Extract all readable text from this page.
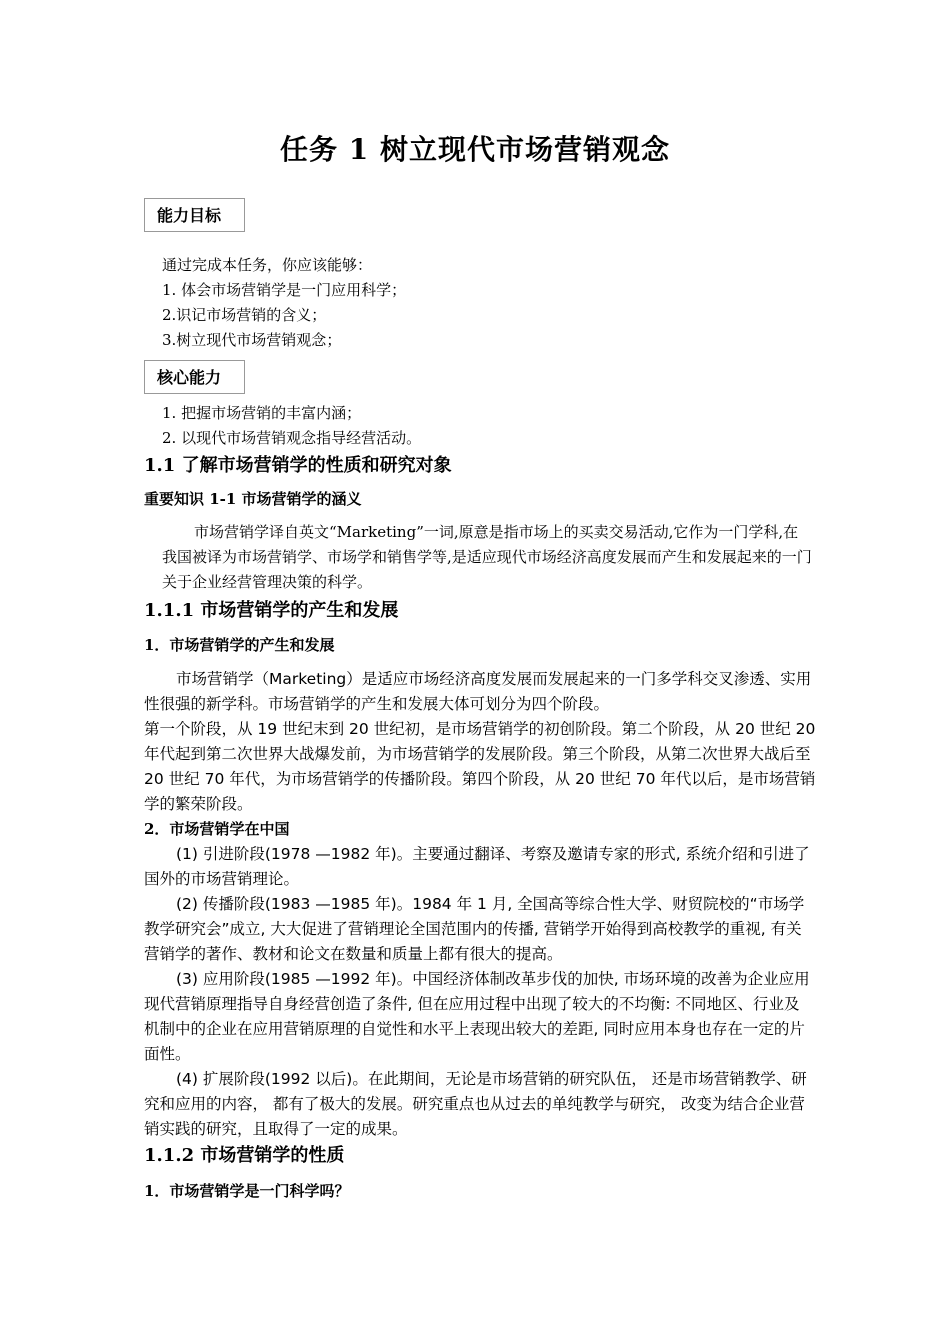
任务 1 树立现代市场营销观念
能力目标
通过完成本任务，你应该能够：
1. 体会市场营销学是一门应用科学；
2.识记市场营销的含义；
3.树立现代市场营销观念；
核心能力
1. 把握市场营销的丰富内涵；
2. 以现代市场营销观念指导经营活动。
1.1 了解市场营销学的性质和研究对象
重要知识 1-1 市场营销学的涵义

市场营销学译自英文“Marketing”一词,原意是指市场上的买卖交易活动,它作为一门学科,在我国被译为市场营销学、市场学和销售学等,是适应现代市场经济高度发展而产生和发展起来的一门关于企业经营管理决策的科学。

1.1.1 市场营销学的产生和发展
1．市场营销学的产生和发展

市场营销学（Marketing）是适应市场经济高度发展而发展起来的一门多学科交叉渗透、实用性很强的新学科。市场营销学的产生和发展大体可划分为四个阶段。

第一个阶段，从 19 世纪末到 20 世纪初，是市场营销学的初创阶段。第二个阶段，从 20 世纪 20 年代起到第二次世界大战爆发前，为市场营销学的发展阶段。第三个阶段，从第二次世界大战后至 20 世纪 70 年代，为市场营销学的传播阶段。第四个阶段，从 20 世纪 70 年代以后，是市场营销学的繁荣阶段。

2．市场营销学在中国

(1) 引进阶段(1978 —1982 年)。主要通过翻译、考察及邀请专家的形式, 系统介绍和引进了国外的市场营销理论。

(2) 传播阶段(1983 —1985 年)。1984 年 1 月, 全国高等综合性大学、财贸院校的“市场学教学研究会”成立, 大大促进了营销理论全国范围内的传播, 营销学开始得到高校教学的重视, 有关营销学的著作、教材和论文在数量和质量上都有很大的提高。

(3) 应用阶段(1985 —1992 年)。中国经济体制改革步伐的加快, 市场环境的改善为企业应用现代营销原理指导自身经营创造了条件, 但在应用过程中出现了较大的不均衡: 不同地区、行业及机制中的企业在应用营销原理的自觉性和水平上表现出较大的差距, 同时应用本身也存在一定的片面性。

(4) 扩展阶段(1992 以后)。在此期间，无论是市场营销的研究队伍， 还是市场营销教学、研究和应用的内容， 都有了极大的发展。研究重点也从过去的单纯教学与研究， 改变为结合企业营销实践的研究，且取得了一定的成果。

1.1.2 市场营销学的性质
1．市场营销学是一门科学吗？
